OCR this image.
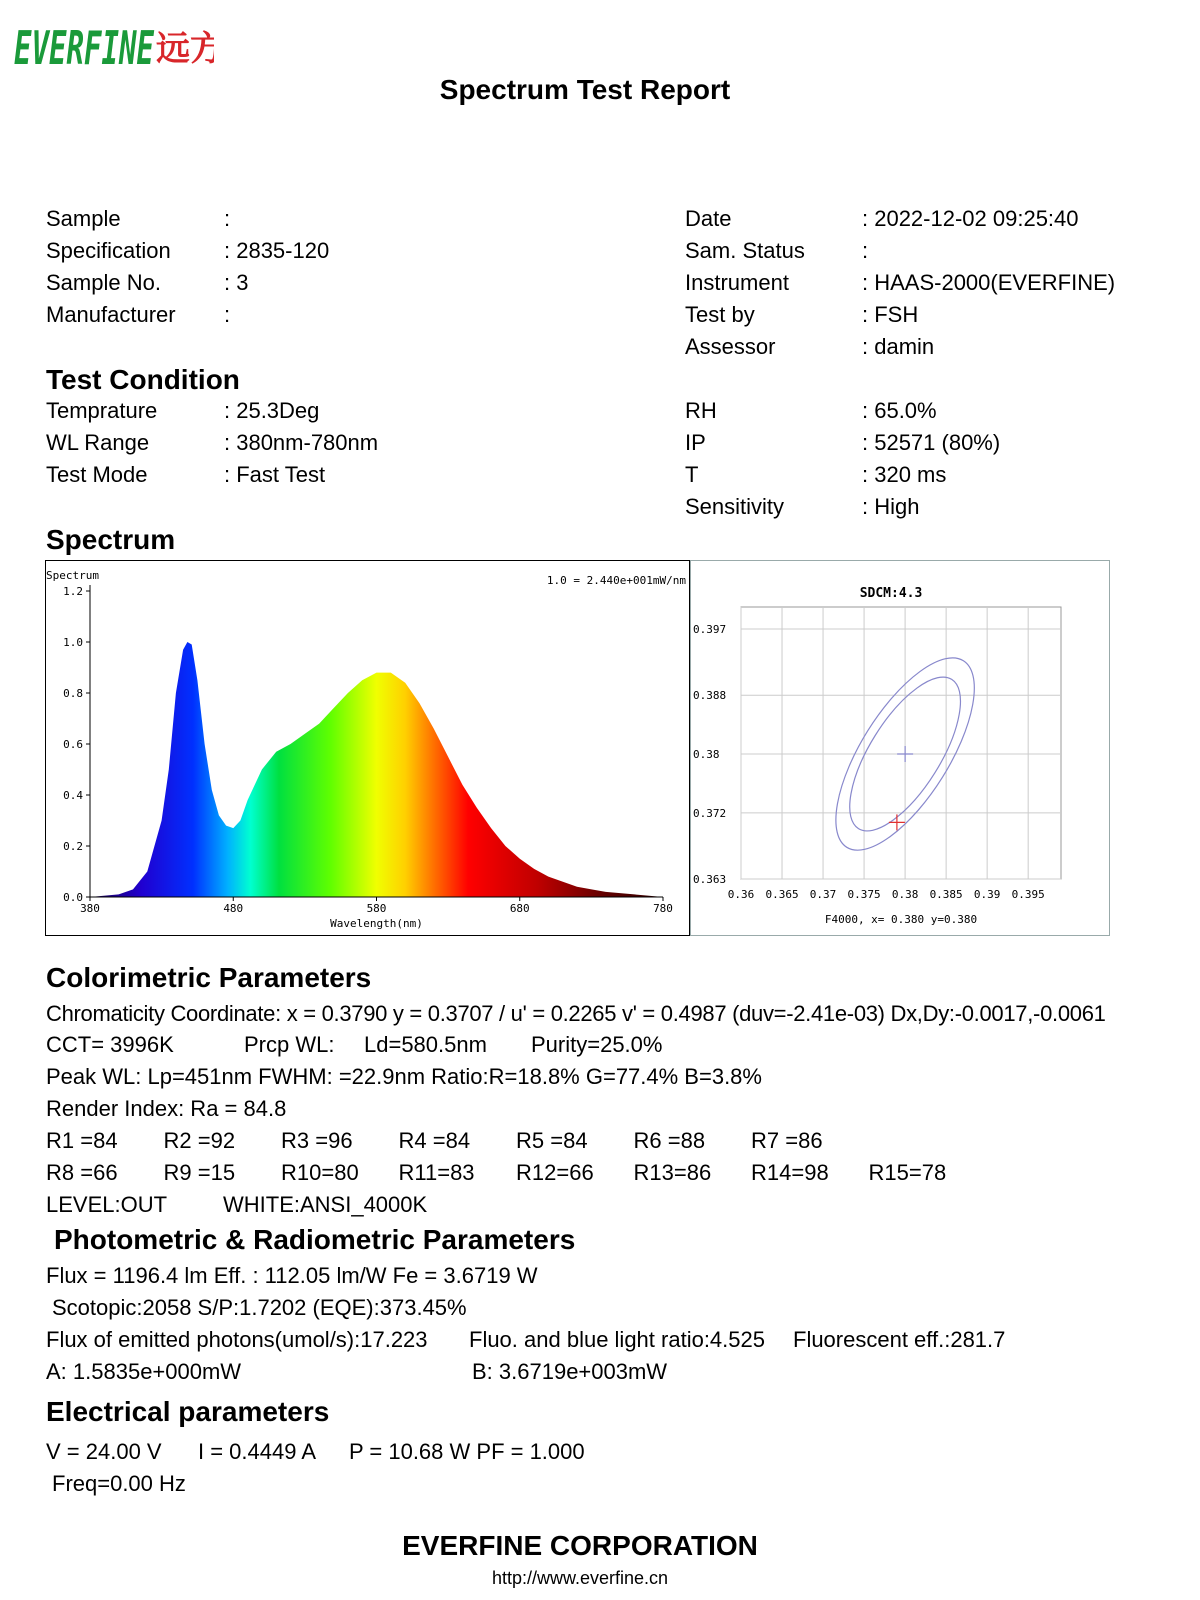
EVERFINE 远方
Spectrum Test Report
Sample	:
Specification : 2835-120
Sample No.	: 3
Manufacturer :
Date	: 2022-12-02 09:25:40
Sam. Status	:
Instrument	: HAAS-2000(EVERFINE)
Test by	: FSH
Assessor	: damin
Test Condition
Temprature	: 25.3Deg
WL Range	: 380nm-780nm
Test Mode	: Fast Test
RH	: 65.0%
IP	: 52571 (80%)
T	: 320 ms
Sensitivity	: High
Spectrum
0.0
0.2
0.4
0.6
0.8
1.0
1.2
380	480	580	680	780
Spectrum	1.0 = 2.440e+001mW/nm
Wavelength(nm)
0.36 0.365 0.37 0.375 0.38 0.385 0.39 0.395
0.397
0.388
0.38
0.372
0.363
SDCM:4.3
F4000, x= 0.380 y=0.380
Colorimetric Parameters
Chromaticity Coordinate: x = 0.3790 y = 0.3707 / u' = 0.2265 v' = 0.4987 (duv=-2.41e-03) Dx,Dy:-0.0017,-0.0061
CCT= 3996K	Prcp WL: Ld=580.5nm Purity=25.0%
Peak WL: Lp=451nm FWHM: =22.9nm Ratio:R=18.8% G=77.4% B=3.8%
Render Index: Ra = 84.8
R1 =84 R2 =92 R3 =96 R4 =84 R5 =84 R6 =88 R7 =86
R8 =66 R9 =15 R10=80 R11=83 R12=66 R13=86 R14=98 R15=78
LEVEL:OUT	WHITE:ANSI_4000K
Photometric & Radiometric Parameters
Flux = 1196.4 lm Eff. : 112.05 lm/W Fe = 3.6719 W
Scotopic:2058 S/P:1.7202 (EQE):373.45%
Flux of emitted photons(umol/s):17.223 Fluo. and blue light ratio:4.525 Fluorescent eff.:281.7
A: 1.5835e+000mW	B: 3.6719e+003mW
Electrical parameters
V = 24.00 V I = 0.4449 A P = 10.68 W PF = 1.000
Freq=0.00 Hz
EVERFINE CORPORATION
http://www.everfine.cn
